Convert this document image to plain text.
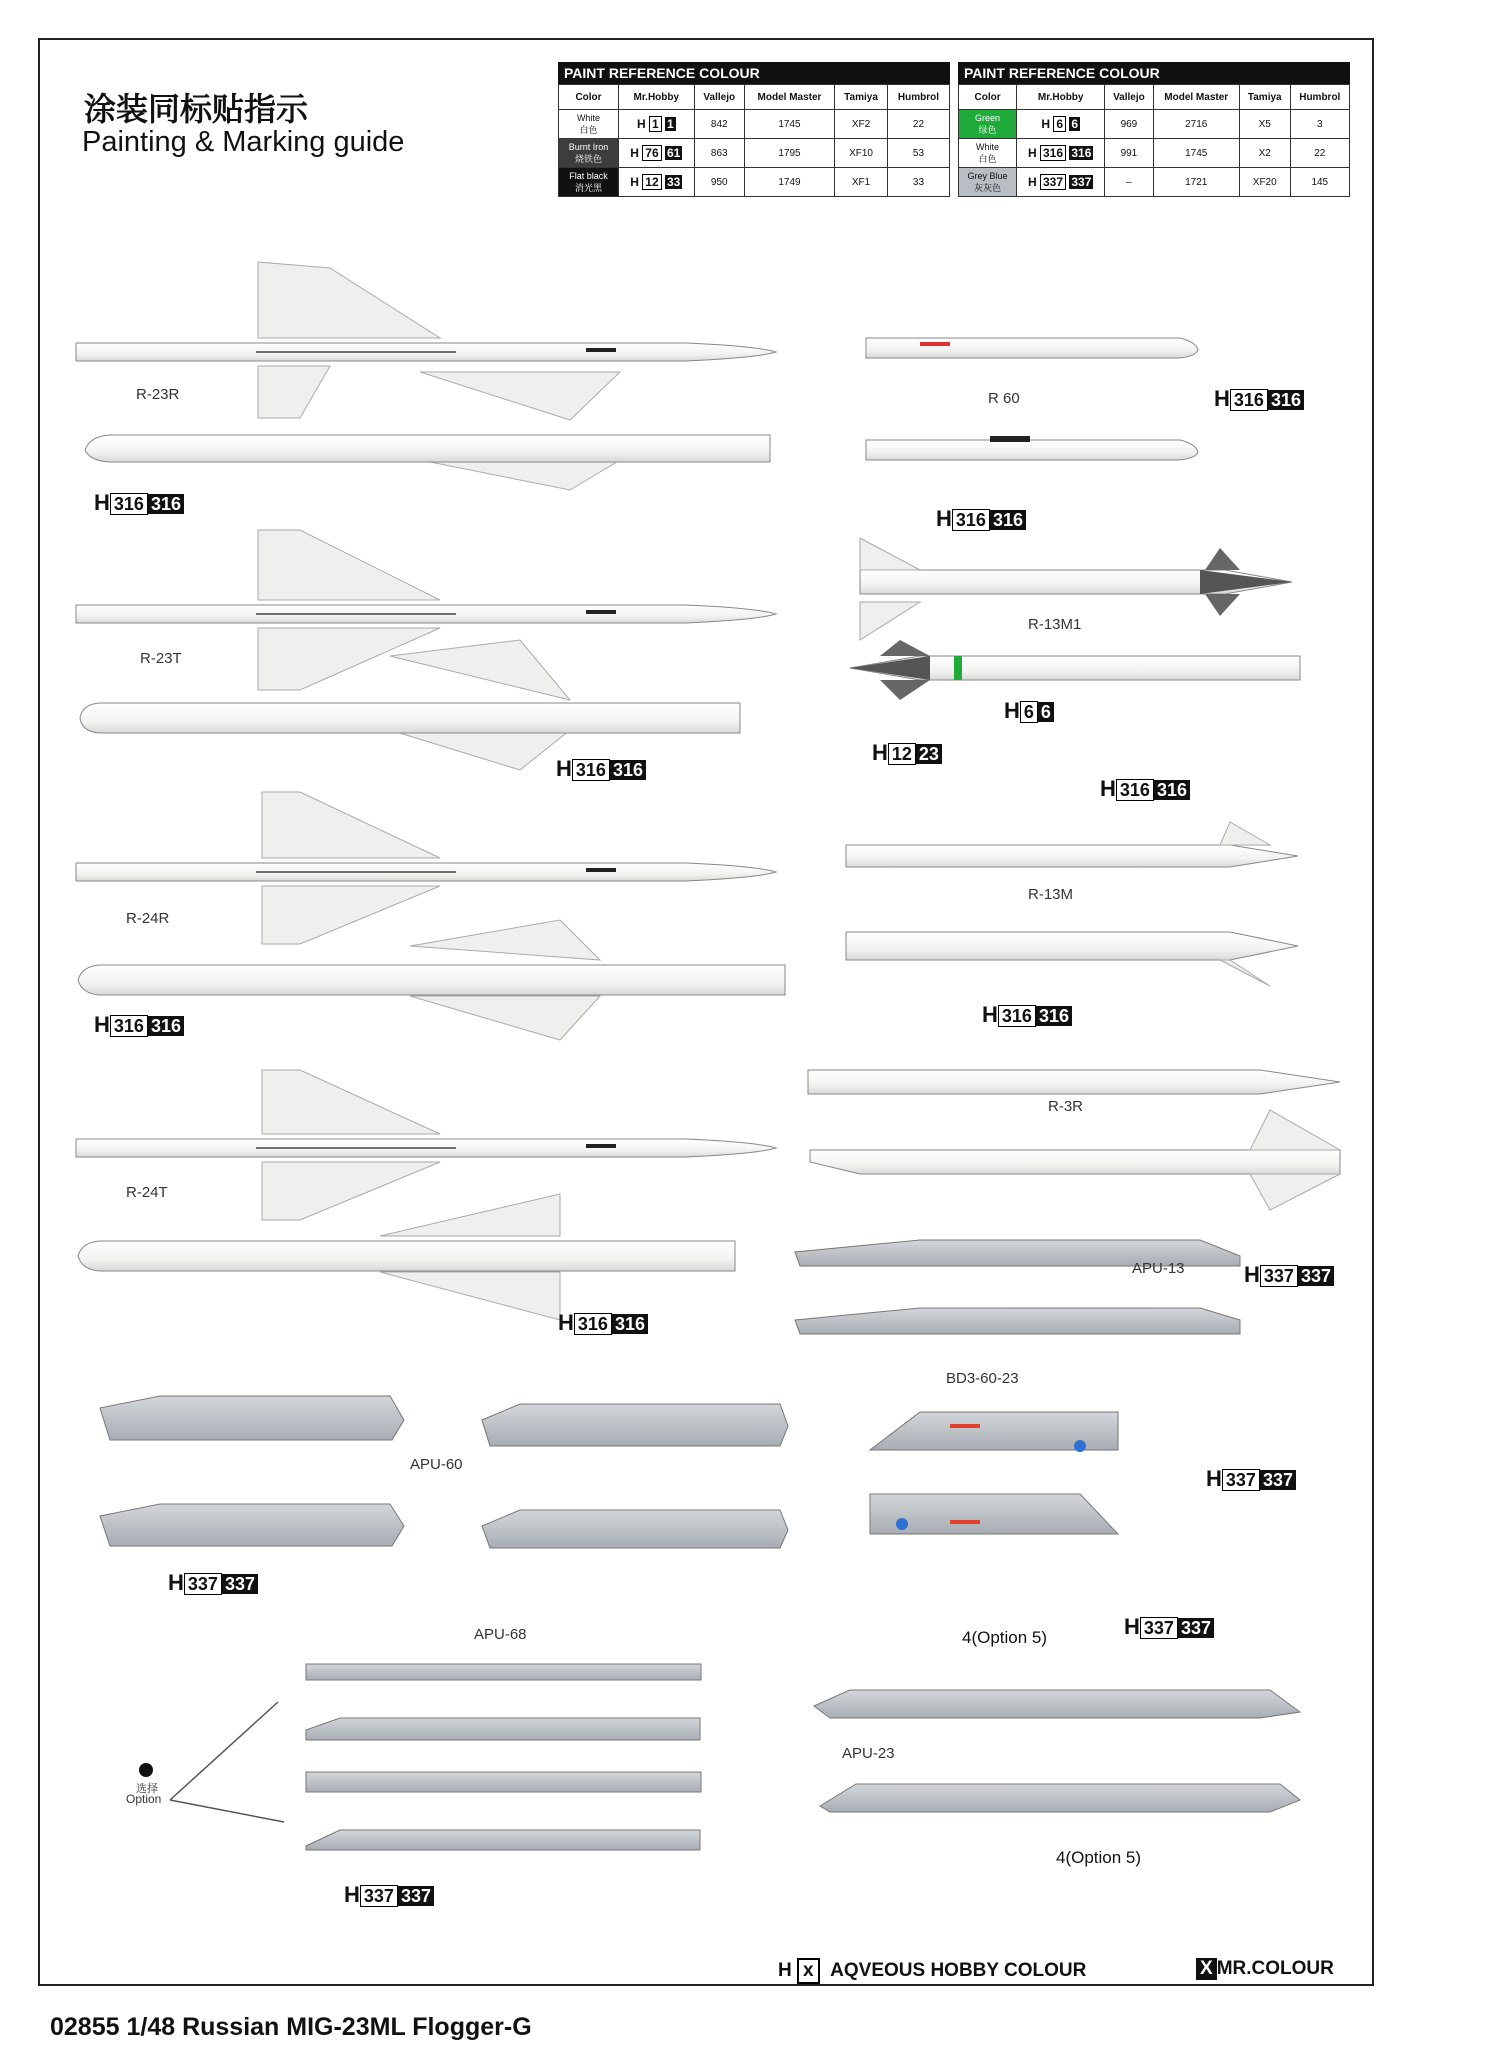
涂装同标贴指示
Painting & Marking guide
PAINT REFERENCE COLOUR
Color	Mr.Hobby	Vallejo	Model Master	Tamiya	Humbrol

White
白色	H 1 1	842	1745	XF2	22

Burnt Iron
烧铁色	H 76 61	863	1795	XF10	53

Flat black
消光黑	H 12 33	950	1749	XF1	33
PAINT REFERENCE COLOUR
Color	Mr.Hobby	Vallejo	Model Master	Tamiya	Humbrol

Green
绿色	H 6 6	969	2716	X5	3

White
白色	H 316 316	991	1745	X2	22

Grey Blue
灰灰色	H 337 337	–	1721	XF20	145
R-23R
R-23T
R-24R
R-24T
R 60
R-13M1
R-13M
R-3R
APU-13
APU-60
BD3-60-23
APU-68
APU-23
选择
Option
4(Option 5)
4(Option 5)
H 316 316
H 316 316
H 316 316
H 6 6
H 12 23
H 316 316
H 316 316
H 316 316	H 316 316
H 337 337
H 316 316
H 337 337
H 337 337
H 337 337
H 337 337
H x AQVEOUS HOBBY COLOUR	X MR.COLOUR
02855 1/48 Russian MIG-23ML Flogger-G
